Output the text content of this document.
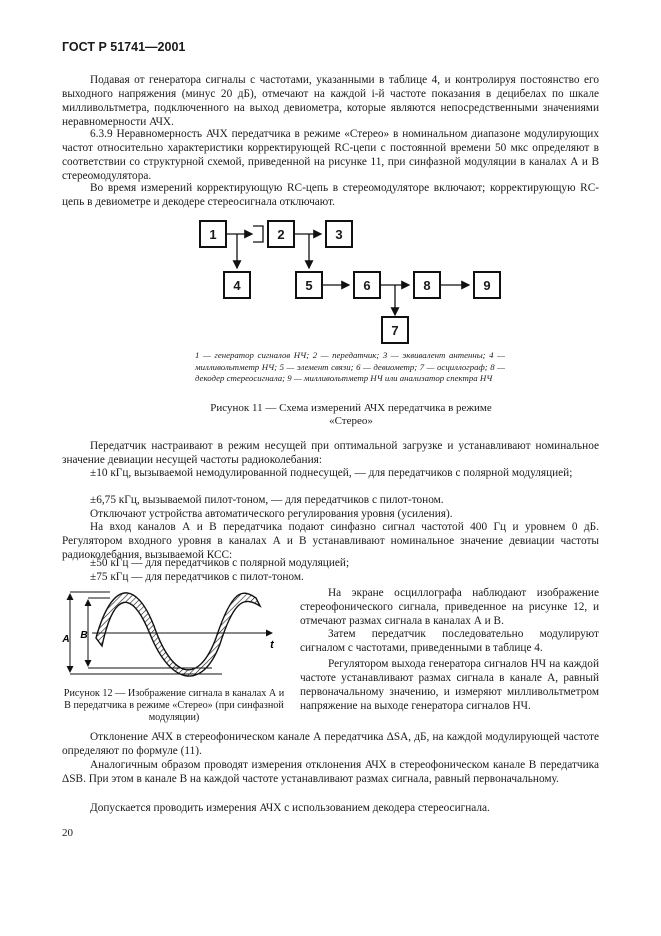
ГОСТ Р 51741—2001

Подавая от генератора сигналы с частотами, указанными в таблице 4, и контролируя постоянство его выходного напряжения (минус 20 дБ), отмечают на каждой i-й частоте показания в децибелах по шкале милливольтметра, подключенного на выход девиометра, которые являются непосредственными значениями неравномерности АЧХ.

6.3.9 Неравномерность АЧХ передатчика в режиме «Стерео» в номинальном диапазоне модулирующих частот относительно характеристики корректирующей RC-цепи с постоянной времени 50 мкс определяют в соответствии со структурной схемой, приведенной на рисунке 11, при синфазной модуляции в каналах А и В стереомодулятора.

Во время измерений корректирующую RC-цепь в стереомодуляторе включают; корректирующую RC-цепь в девиометре и декодере стереосигнала отключают.

1	2	3
4	5	6
7
8	9
1 — генератор сигналов НЧ; 2 — передатчик; 3 — эквивалент антенны; 4 — милливольтметр НЧ; 5 — элемент связи; 6 — девиометр; 7 — осциллограф; 8 — декодер стереосигнала; 9 — милливольтметр НЧ или анализатор спектра НЧ
Рисунок 11 — Схема измерений АЧХ передатчика в режиме «Стерео»

Передатчик настраивают в режим несущей при оптимальной загрузке и устанавливают номинальное значение девиации несущей частоты радиоколебания:

±10 кГц, вызываемой немодулированной поднесущей, — для передатчиков с полярной модуляцией;

±6,75 кГц, вызываемой пилот-тоном, — для передатчиков с пилот-тоном.

Отключают устройства автоматического регулирования уровня (усиления).

На вход каналов А и В передатчика подают синфазно сигнал частотой 400 Гц и уровнем 0 дБ. Регулятором входного уровня в каналах А и В устанавливают номинальное значение девиации частоты радиоколебания, вызываемой КСС:

±50 кГц — для передатчиков с полярной модуляцией;

±75 кГц — для передатчиков с пилот-тоном.

A B
t
Рисунок 12 — Изображение сигнала в каналах А и В передатчика в режиме «Стерео» (при синфазной модуляции)

На экране осциллографа наблюдают изображение стереофонического сигнала, приведенное на рисунке 12, и отмечают размах сигнала в каналах А и В.

Затем передатчик последовательно модулируют сигналом с частотами, приведенными в таблице 4.

Регулятором выхода генератора сигналов НЧ на каждой частоте устанавливают размах сигнала в канале А, равный первоначальному значению, и измеряют милливольтметром напряжение на выходе генератора сигналов НЧ.

Отклонение АЧХ в стереофоническом канале А передатчика ΔSA, дБ, на каждой модулирующей частоте определяют по формуле (11).

Аналогичным образом проводят измерения отклонения АЧХ в стереофоническом канале В передатчика ΔSB. При этом в канале В на каждой частоте устанавливают размах сигнала, равный первоначальному.

Допускается проводить измерения АЧХ с использованием декодера стереосигнала.

20
